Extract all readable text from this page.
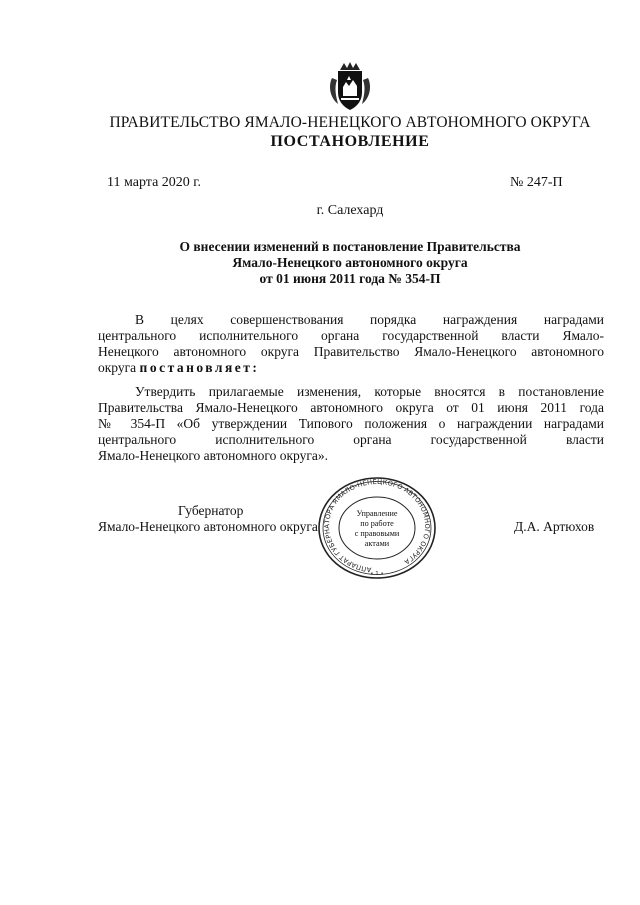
ПРАВИТЕЛЬСТВО ЯМАЛО-НЕНЕЦКОГО АВТОНОМНОГО ОКРУГА
ПОСТАНОВЛЕНИЕ
11 марта 2020 г.	№ 247-П
г. Салехард
О внесении изменений в постановление Правительства
Ямало-Ненецкого автономного округа
от 01 июня 2011 года № 354-П
В целях совершенствования порядка награждения наградами
центрального исполнительного органа государственной власти Ямало-
Ненецкого автономного округа Правительство Ямало-Ненецкого автономного
округа постановляет:
Утвердить прилагаемые изменения, которые вносятся в постановление
Правительства Ямало-Ненецкого автономного округа от 01 июня 2011 года
№ 354-П «Об утверждении Типового положения о награждении наградами
центрального исполнительного органа государственной власти
Ямало-Ненецкого автономного округа».
Губернатор
Ямало-Ненецкого автономного округа	Д.А. Артюхов
АППАРАТ ГУБЕРНАТОРА ЯМАЛО-НЕНЕЦКОГО АВТОНОМНОГО ОКРУГА
• 1 •
Управление
по работе
с правовыми
актами
